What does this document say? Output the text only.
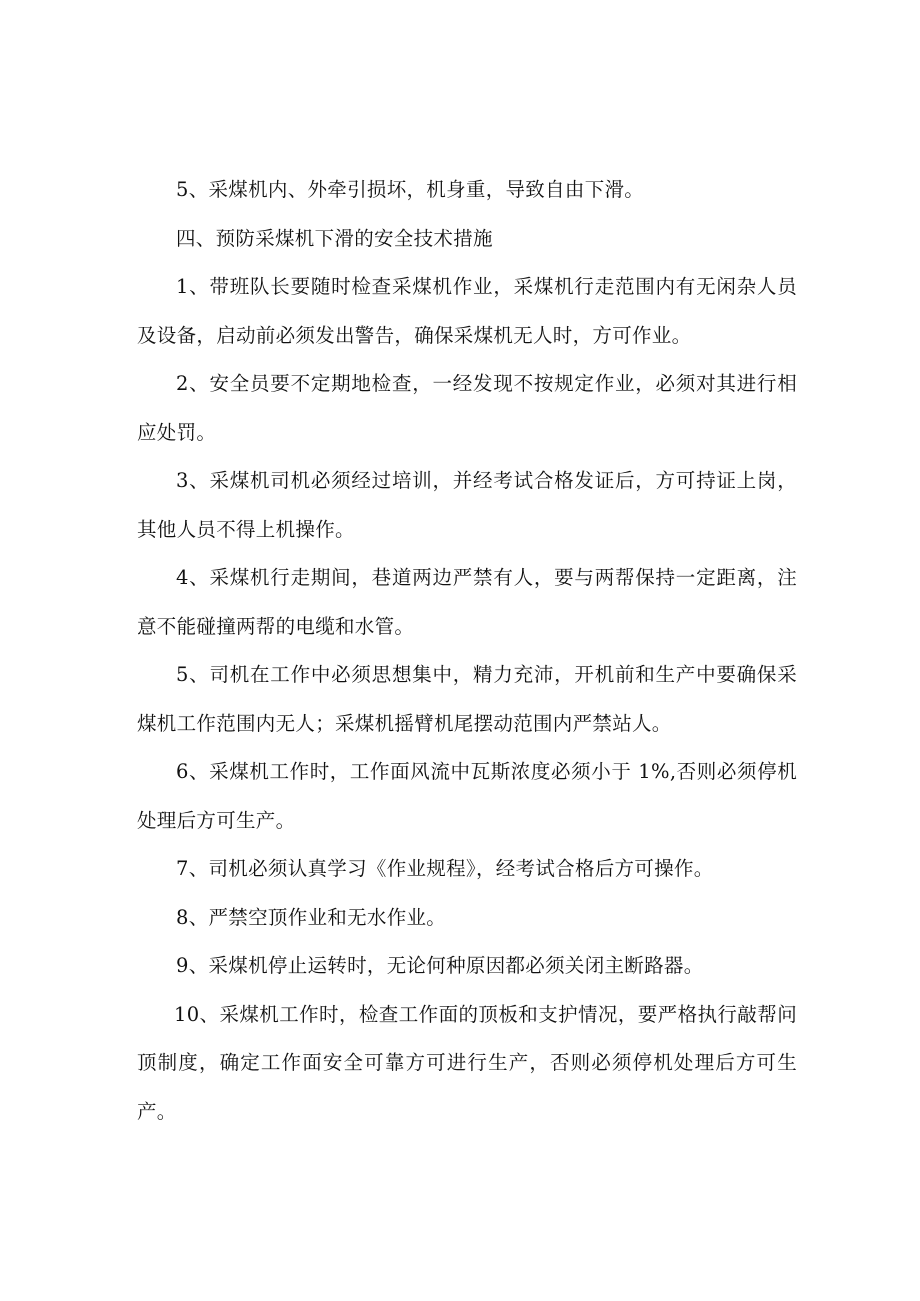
5、采煤机内、外牵引损坏，机身重，导致自由下滑。

四、预防采煤机下滑的安全技术措施

1、带班队长要随时检查采煤机作业，采煤机行走范围内有无闲杂人员及设备，启动前必须发出警告，确保采煤机无人时，方可作业。

2、安全员要不定期地检查，一经发现不按规定作业，必须对其进行相应处罚。

3、采煤机司机必须经过培训，并经考试合格发证后，方可持证上岗，其他人员不得上机操作。

4、采煤机行走期间，巷道两边严禁有人，要与两帮保持一定距离，注意不能碰撞两帮的电缆和水管。

5、司机在工作中必须思想集中，精力充沛，开机前和生产中要确保采煤机工作范围内无人；采煤机摇臂机尾摆动范围内严禁站人。

6、采煤机工作时，工作面风流中瓦斯浓度必须小于 1%,否则必须停机处理后方可生产。

7、司机必须认真学习《作业规程》，经考试合格后方可操作。

8、严禁空顶作业和无水作业。

9、采煤机停止运转时，无论何种原因都必须关闭主断路器。

10、采煤机工作时，检查工作面的顶板和支护情况，要严格执行敲帮问顶制度，确定工作面安全可靠方可进行生产，否则必须停机处理后方可生产。
